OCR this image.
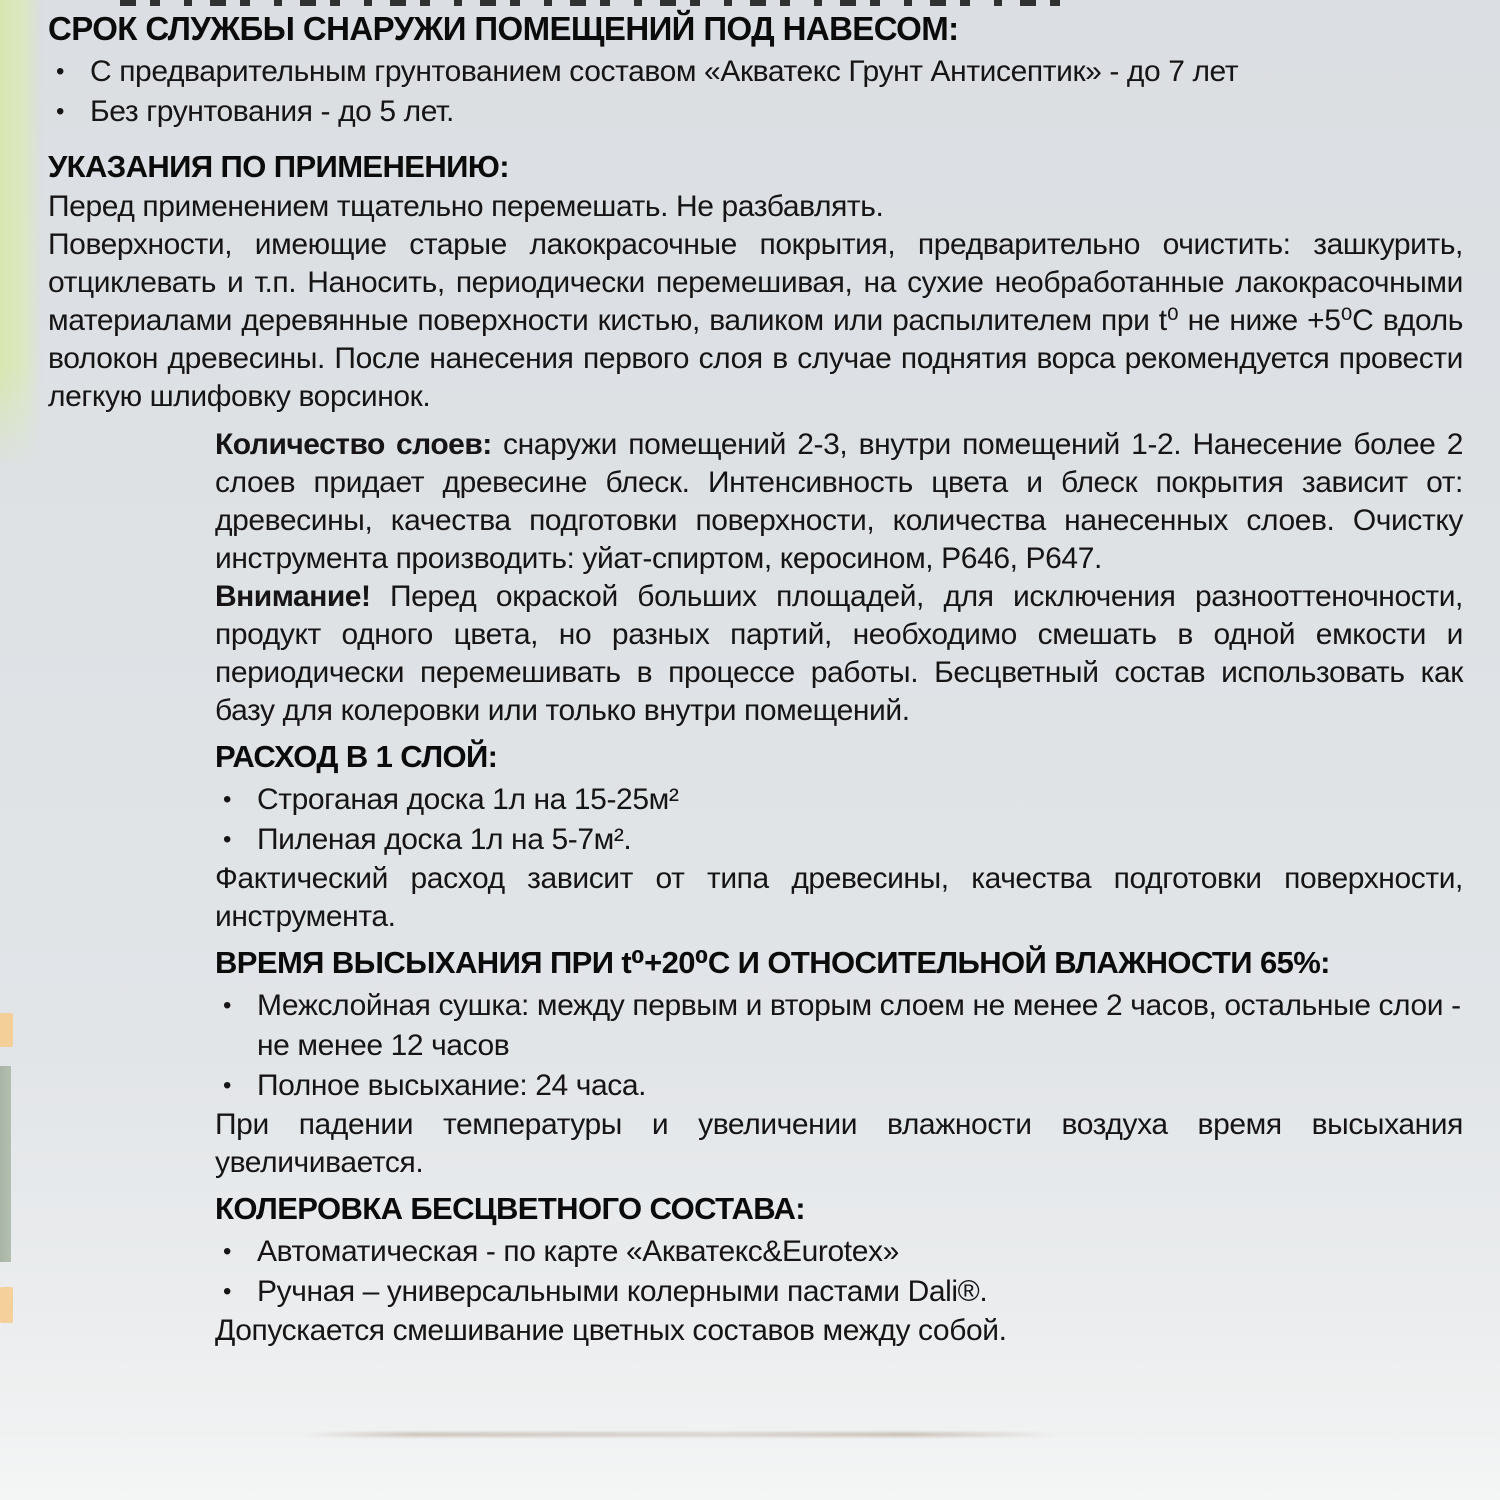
СРОК СЛУЖБЫ СНАРУЖИ ПОМЕЩЕНИЙ ПОД НАВЕСОМ:
• С предварительным грунтованием составом «Акватекс Грунт Антисептик» - до 7 лет
• Без грунтования - до 5 лет.
УКАЗАНИЯ ПО ПРИМЕНЕНИЮ:

Перед применением тщательно перемешать. Не разбавлять.

Поверхности, имеющие старые лакокрасочные покрытия, предварительно очистить: зашкурить, отциклевать и т.п. Наносить, периодически перемешивая, на сухие необработанные лакокрасочными материалами деревянные поверхности кистью, валиком или распылителем при t⁰ не ниже +5⁰С вдоль волокон древесины. После нанесения первого слоя в случае поднятия ворса рекомендуется провести легкую шлифовку ворсинок.

Количество слоев: снаружи помещений 2-3, внутри помещений 1-2. Нанесение более 2 слоев придает древесине блеск. Интенсивность цвета и блеск покрытия зависит от: древесины, качества подготовки поверхности, количества нанесенных слоев. Очистку инструмента производить: уйат-спиртом, керосином, Р646, Р647.

Внимание! Перед окраской больших площадей, для исключения разнооттеночности, продукт одного цвета, но разных партий, необходимо смешать в одной емкости и периодически перемешивать в процессе работы. Бесцветный состав использовать как базу для колеровки или только внутри помещений.

РАСХОД В 1 СЛОЙ:
• Строганая доска 1л на 15-25м²
• Пиленая доска 1л на 5-7м².

Фактический расход зависит от типа древесины, качества подготовки поверхности, инструмента.

ВРЕМЯ ВЫСЫХАНИЯ ПРИ t⁰+20⁰С И ОТНОСИТЕЛЬНОЙ ВЛАЖНОСТИ 65%:
• Межслойная сушка: между первым и вторым слоем не менее 2 часов, остальные слои - не менее 12 часов
• Полное высыхание: 24 часа.

При падении температуры и увеличении влажности воздуха время высыхания увеличивается.

КОЛЕРОВКА БЕСЦВЕТНОГО СОСТАВА:
• Автоматическая - по карте «Акватекс&Eurotex»
• Ручная – универсальными колерными пастами Dali®.

Допускается смешивание цветных составов между собой.
